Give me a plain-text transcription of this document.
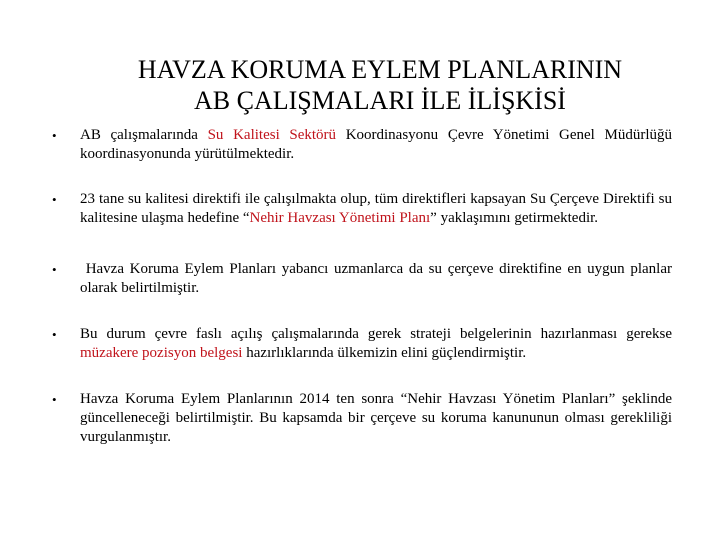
HAVZA KORUMA EYLEM PLANLARININ
AB ÇALIŞMALARI İLE İLİŞKİSİ
• AB çalışmalarında Su Kalitesi Sektörü Koordinasyonu Çevre Yönetimi Genel Müdürlüğü koordinasyonunda yürütülmektedir.
• 23 tane su kalitesi direktifi ile çalışılmakta olup, tüm direktifleri kapsayan Su Çerçeve Direktifi su kalitesine ulaşma hedefine “Nehir Havzası Yönetimi Planı” yaklaşımını getirmektedir.
• Havza Koruma Eylem Planları yabancı uzmanlarca da su çerçeve direktifine en uygun planlar olarak belirtilmiştir.
• Bu durum çevre faslı açılış çalışmalarında gerek strateji belgelerinin hazırlanması gerekse müzakere pozisyon belgesi hazırlıklarında ülkemizin elini güçlendirmiştir.
• Havza Koruma Eylem Planlarının 2014 ten sonra “Nehir Havzası Yönetim Planları” şeklinde güncelleneceği belirtilmiştir. Bu kapsamda bir çerçeve su koruma kanununun olması gerekliliği vurgulanmıştır.
